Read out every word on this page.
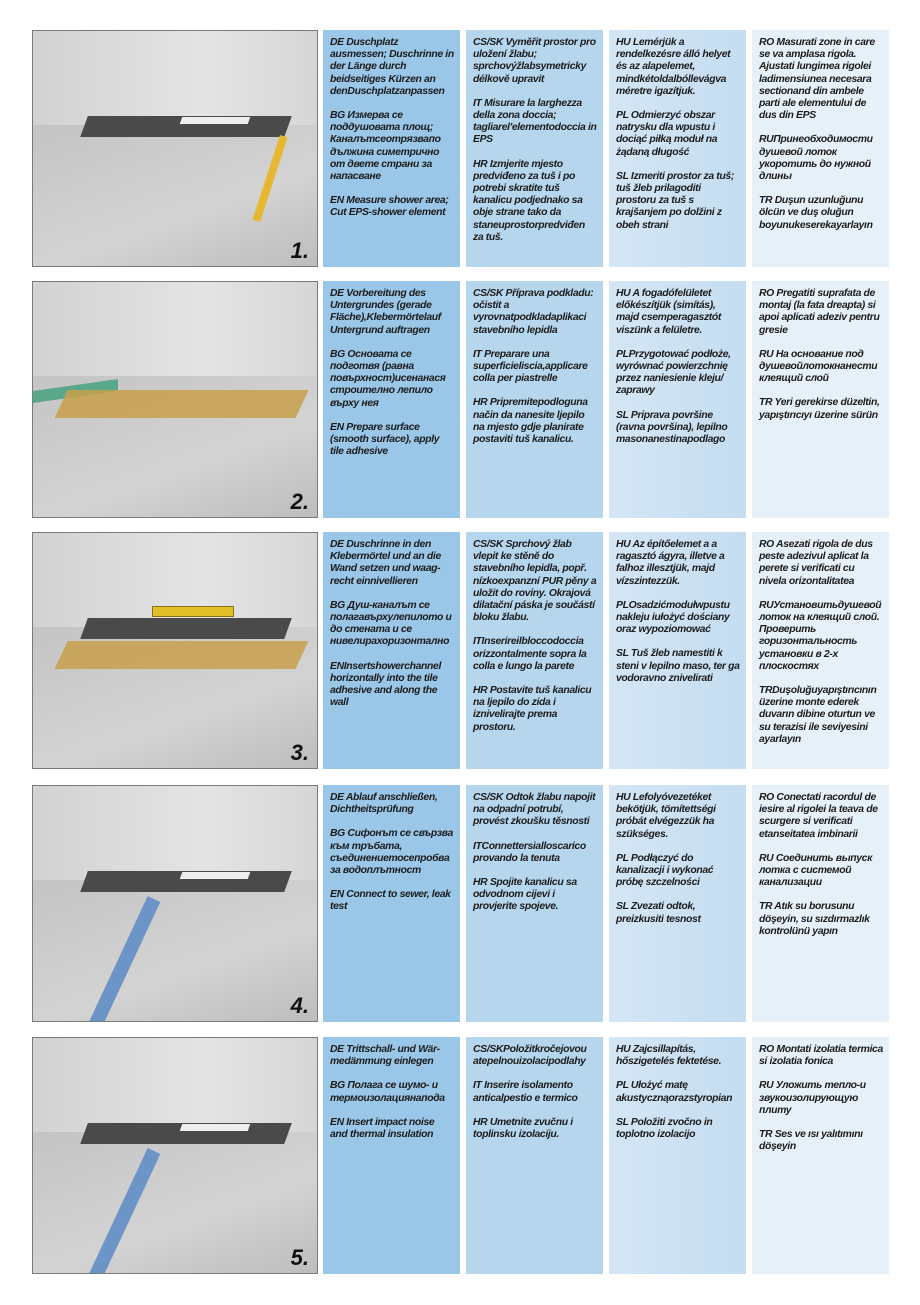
1.

DE Duschplatz ausmessen; Duschrinne in der Länge durch beidseitiges Kürzen an denDuschplatzanpassen

BG Измерва се поддушовата площ; Каналътсеотрязвапо дължина симетрично от двете страни за напасване

EN Measure shower area; Cut EPS-shower element

CS/SK Vyměřit prostor pro uložení žlabu; sprchovýžlabsymetricky délkově upravit

IT Misurare la larghezza della zona doccia; tagliarel'elementodoccia in EPS

HR Izmjerite mjesto predviđeno za tuš i po potrebi skratite tuš kanalicu podjednako sa obje strane tako da staneuprostorpredviđen za tuš.

HU Lemérjük a rendelkezésre álló helyet és az alapelemet, mindkétoldalbóllevágva méretre igazítjuk.

PL Odmierzyć obszar natrysku dla wpustu i dociąć piłką moduł na żądaną długość

SL Izmeriti prostor za tuš; tuš žleb prilagoditi prostoru za tuš s krajšanjem po dolžini z obeh strani

RO Masurati zone in care se va amplasa rigola. Ajustati lungimea rigolei ladimensiunea necesara sectionand din ambele parti ale elementului de dus din EPS

RUПринеобходимости душевой лоток укоротить до нужной длины

TR Duşun uzunluğunu ölcün ve duş oluğun boyunukeserekayarlayın

2.

DE Vorbereitung des Untergrundes (gerade Fläche),Klebermörtelauf Untergrund auftragen

BG Основата се подготвя (равна повърхност)исенанася строително лепило върху нея

EN Prepare surface (smooth surface), apply tile adhesive

CS/SK Příprava podkladu: očistit a vyrovnatpodkladaplikaci stavebního lepidla

IT Preparare una superficieliscia,applicare colla per piastrelle

HR Pripremitepodloguna način da nanesite ljepilo na mjesto gdje planirate postaviti tuš kanalicu.

HU A fogadófelületet előkészítjük (simítás), majd csemperagasztót viszünk a felületre.

PLPrzygotować podłoże, wyrównać powierzchnię przez naniesienie kleju/ zaprawy

SL Priprava površine (ravna površina), lepilno masonanestinapodlago

RO Pregatiti suprafata de montaj (la fata dreapta) si apoi aplicati adeziv pentru gresie

RU На основание под душевойлотокнанести клеящий слой

TR Yeri gerekirse düzeltin, yapıştırıcıyı üzerine sürün

3.

DE Duschrinne in den Klebermörtel und an die Wand setzen und waag-recht einnivellieren

BG Душ-каналът се полагавърхулепилото и до стената и се нивелирахоризонтално

ENInsertshowerchannel horizontally into the tile adhesive and along the wall

CS/SK Sprchový žlab vlepit ke stěně do stavebního lepidla, popř. nízkoexpanzní PUR pěny a uložit do roviny. Okrajová dilatační páska je součástí bloku žlabu.

ITInserireilbloccodoccia orizzontalmente sopra la colla e lungo la parete

HR Postavite tuš kanalicu na ljepilo do zida i iznivelirajte prema prostoru.

HU Az építőelemet a a ragasztó ágyra, illetve a falhoz illesztjük, majd vízszintezzük.

PLOsadzićmodułwpustu nakleju iułożyć dościany oraz wypoziomować

SL Tuš žleb namestiti k steni v lepilno maso, ter ga vodoravno znivelirati

RO Asezati rigola de dus peste adezivul aplicat la perete si verificati cu nivela orizontalitatea

RUУстановитьдушевой лоток на клеящий слой. Проверить горизонтальность установки в 2-х плоскостях

TRDuşoluğuyapıştırıcının üzerine monte ederek duvarın dibine oturtun ve su terazisi ile seviyesini ayarlayın

4.

DE Ablauf anschließen, Dichtheitsprüfung

BG Сифонът се свързва към тръбата, съединениетосепробва за водоплътност

EN Connect to sewer, leak test

CS/SK Odtok žlabu napojit na odpadní potrubí, provést zkoušku těsnosti

ITConnettersialloscarico provando la tenuta

HR Spojite kanalicu sa odvodnom cijevi i provjerite spojeve.

HU Lefolyóvezetéket bekötjük, tömítettségi próbát elvégezzük ha szükséges.

PL Podłączyć do kanalizacji i wykonać próbę szczelności

SL Zvezati odtok, preizkusiti tesnost

RO Conectati racordul de iesire al rigolei la teava de scurgere si verificati etanseitatea imbinarii

RU Соединить выпуск лотка с системой канализации

TR Atık su borusunu döşeyin, su sızdırmazlık kontrolünü yapın

5.

DE Trittschall- und Wär-medämmung einlegen

BG Полага се шумо- и термоизолациянапода

EN Insert impact noise and thermal insulation

CS/SKPoložitkročejovou atepelnouizolacipodlahy

IT Inserire isolamento anticalpestio e termico

HR Umetnite zvučnu i toplinsku izolaciju.

HU Zajcsillapítás, hőszigetelés fektetése.

PL Ułożyć matę akustycznąorazstyropian

SL Položiti zvočno in toplotno izolacijo

RO Montati izolatia termica si izolatia fonica

RU Уложить тепло-и звукоизолирующую плиту

TR Ses ve ısı yalıtımını döşeyin
